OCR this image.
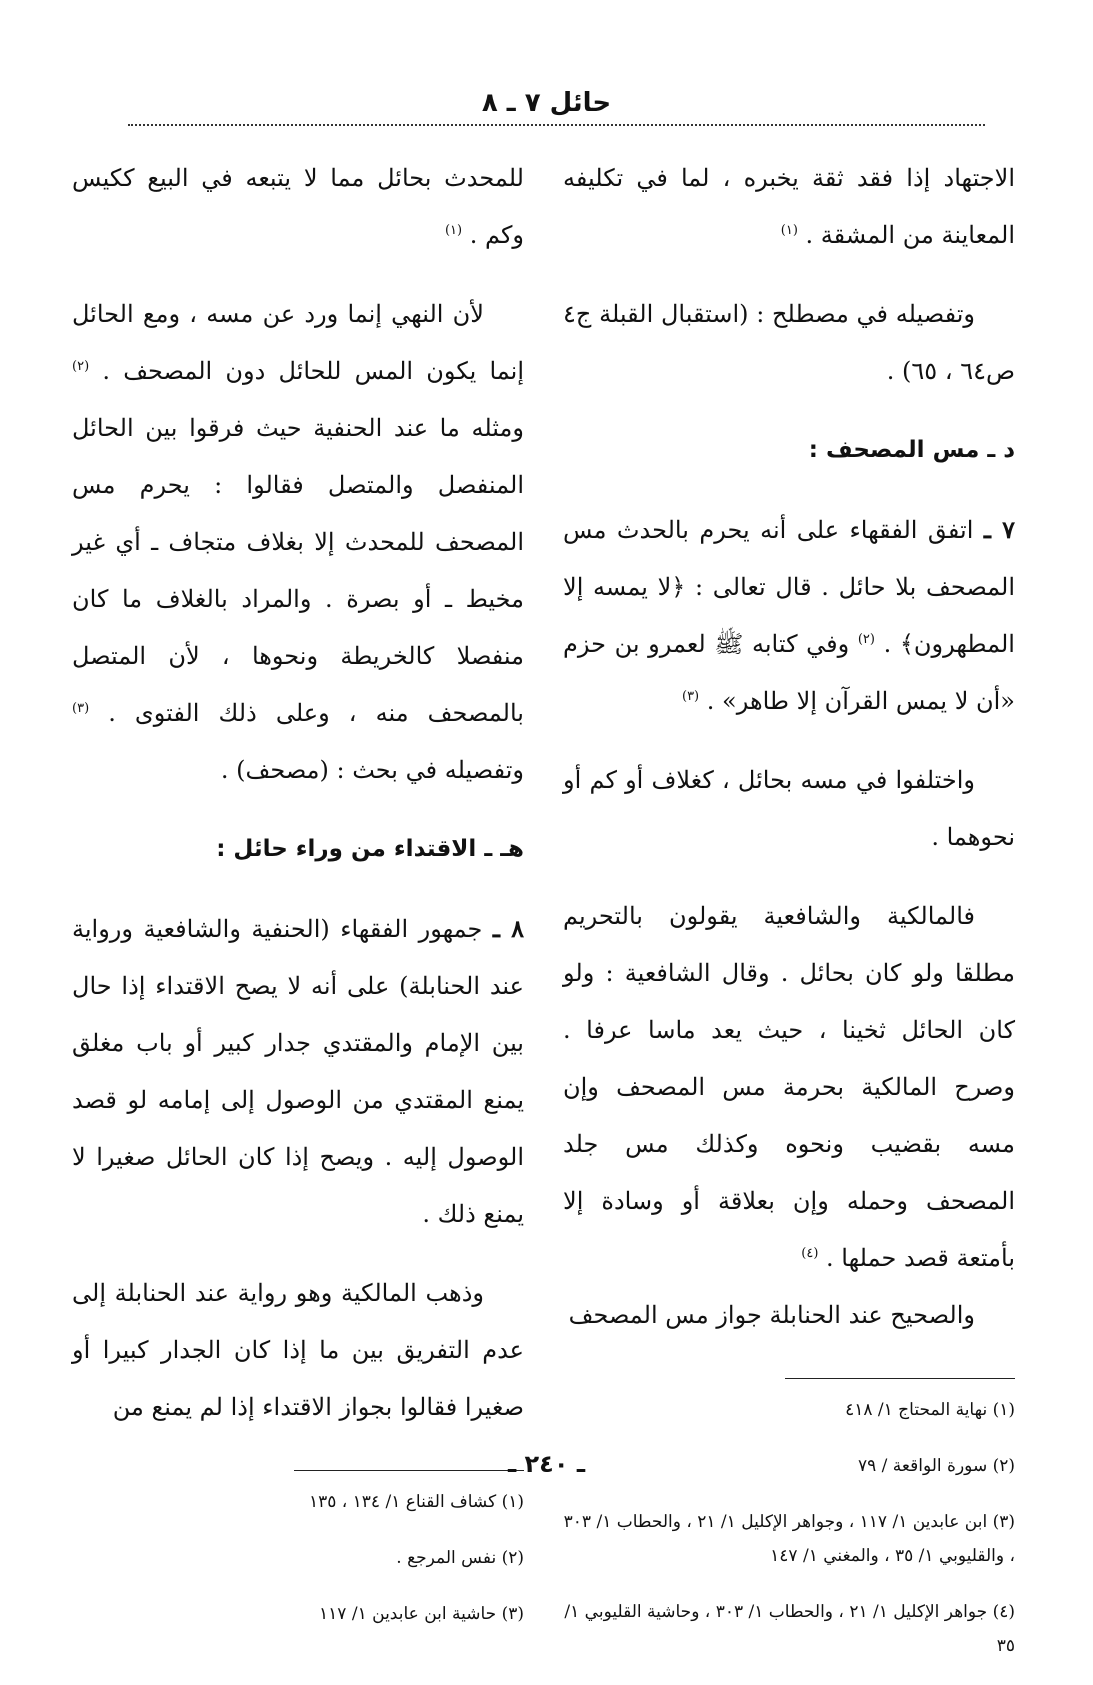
حائل ٧ ـ ٨

الاجتهاد إذا فقد ثقة يخبره ، لما في تكليفه المعاينة من المشقة . $^{(١)}$

وتفصيله في مصطلح : (استقبال القبلة ج٤ ص٦٤ ، ٦٥) .

د ـ مس المصحف :

٧ ـ اتفق الفقهاء على أنه يحرم بالحدث مس المصحف بلا حائل . قال تعالى : ﴿لا يمسه إلا المطهرون﴾ . $^{(٢)}$ وفي كتابه ﷺ لعمرو بن حزم «أن لا يمس القرآن إلا طاهر» . $^{(٣)}$

واختلفوا في مسه بحائل ، كغلاف أو كم أو نحوهما .

فالمالكية والشافعية يقولون بالتحريم مطلقا ولو كان بحائل . وقال الشافعية : ولو كان الحائل ثخينا ، حيث يعد ماسا عرفا . وصرح المالكية بحرمة مس المصحف وإن مسه بقضيب ونحوه وكذلك مس جلد المصحف وحمله وإن بعلاقة أو وسادة إلا بأمتعة قصد حملها . $^{(٤)}$

والصحيح عند الحنابلة جواز مس المصحف

(١) نهاية المحتاج ١/ ٤١٨

(٢) سورة الواقعة / ٧٩

(٣) ابن عابدين ١/ ١١٧ ، وجواهر الإكليل ١/ ٢١ ، والحطاب ١/ ٣٠٣ ، والقليوبي ١/ ٣٥ ، والمغني ١/ ١٤٧

(٤) جواهر الإكليل ١/ ٢١ ، والحطاب ١/ ٣٠٣ ، وحاشية القليوبي ١/ ٣٥

للمحدث بحائل مما لا يتبعه في البيع ككيس وكم . $^{(١)}$

لأن النهي إنما ورد عن مسه ، ومع الحائل إنما يكون المس للحائل دون المصحف . $^{(٢)}$ ومثله ما عند الحنفية حيث فرقوا بين الحائل المنفصل والمتصل فقالوا : يحرم مس المصحف للمحدث إلا بغلاف متجاف ـ أي غير مخيط ـ أو بصرة . والمراد بالغلاف ما كان منفصلا كالخريطة ونحوها ، لأن المتصل بالمصحف منه ، وعلى ذلك الفتوى . $^{(٣)}$ وتفصيله في بحث : (مصحف) .

هـ ـ الاقتداء من وراء حائل :

٨ ـ جمهور الفقهاء (الحنفية والشافعية ورواية عند الحنابلة) على أنه لا يصح الاقتداء إذا حال بين الإمام والمقتدي جدار كبير أو باب مغلق يمنع المقتدي من الوصول إلى إمامه لو قصد الوصول إليه . ويصح إذا كان الحائل صغيرا لا يمنع ذلك .

وذهب المالكية وهو رواية عند الحنابلة إلى عدم التفريق بين ما إذا كان الجدار كبيرا أو صغيرا فقالوا بجواز الاقتداء إذا لم يمنع من

(١) كشاف القناع ١/ ١٣٤ ، ١٣٥

(٢) نفس المرجع .

(٣) حاشية ابن عابدين ١/ ١١٧

ـ ٢٤٠ ـ
